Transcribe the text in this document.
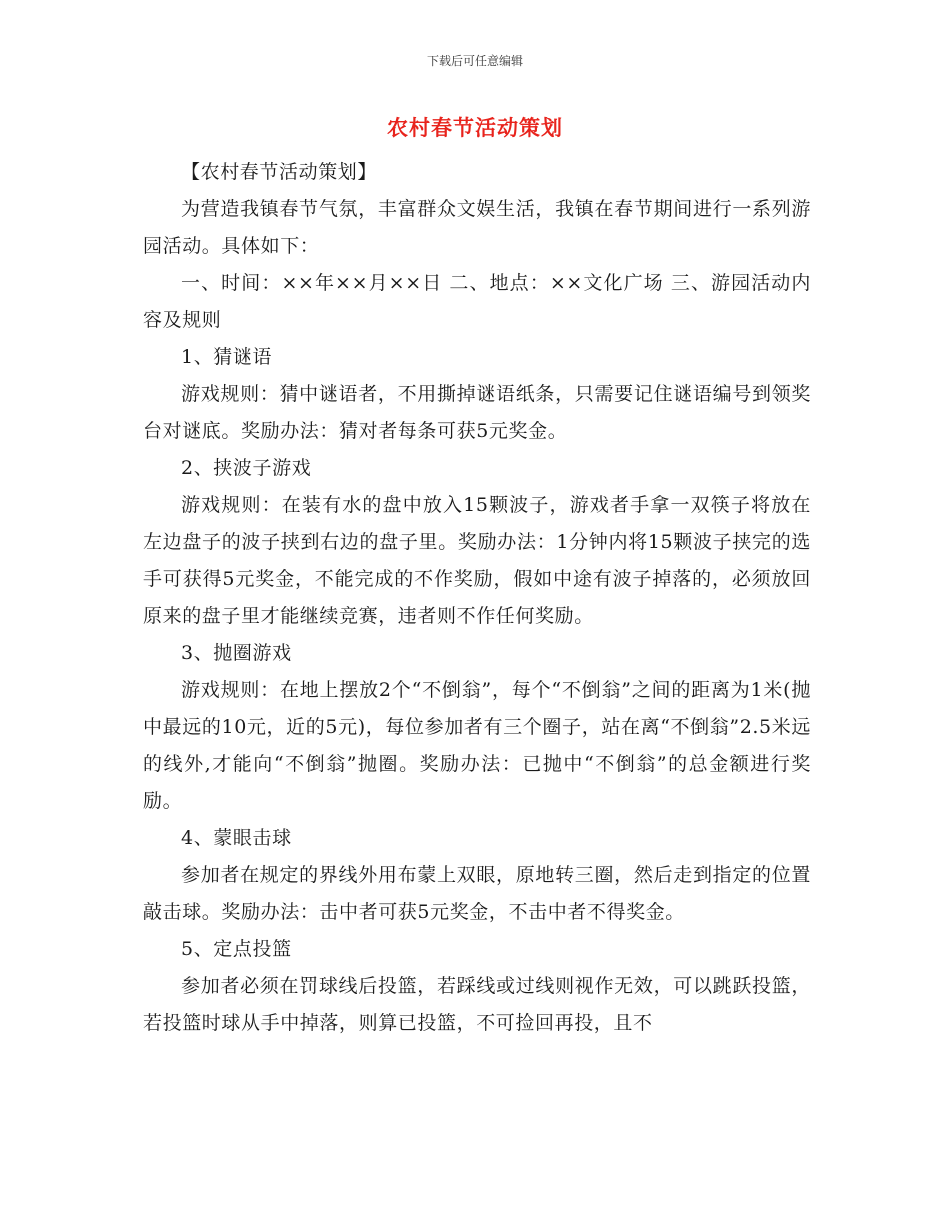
下载后可任意编辑
农村春节活动策划

【农村春节活动策划】

为营造我镇春节气氛，丰富群众文娱生活，我镇在春节期间进行一系列游园活动。具体如下：

一、时间：××年××月××日 二、地点：××文化广场 三、游园活动内容及规则

1、猜谜语

游戏规则：猜中谜语者，不用撕掉谜语纸条，只需要记住谜语编号到领奖台对谜底。奖励办法：猜对者每条可获5元奖金。

2、挟波子游戏

游戏规则：在装有水的盘中放入15颗波子，游戏者手拿一双筷子将放在左边盘子的波子挟到右边的盘子里。奖励办法：1分钟内将15颗波子挟完的选手可获得5元奖金，不能完成的不作奖励，假如中途有波子掉落的，必须放回原来的盘子里才能继续竞赛，违者则不作任何奖励。

3、抛圈游戏

游戏规则：在地上摆放2个“不倒翁”，每个“不倒翁”之间的距离为1米(抛中最远的10元，近的5元)，每位参加者有三个圈子，站在离“不倒翁”2.5米远的线外,才能向“不倒翁”抛圈。奖励办法：已抛中“不倒翁”的总金额进行奖励。

4、蒙眼击球

参加者在规定的界线外用布蒙上双眼，原地转三圈，然后走到指定的位置敲击球。奖励办法：击中者可获5元奖金，不击中者不得奖金。

5、定点投篮

参加者必须在罚球线后投篮，若踩线或过线则视作无效，可以跳跃投篮，若投篮时球从手中掉落，则算已投篮，不可捡回再投，且不
